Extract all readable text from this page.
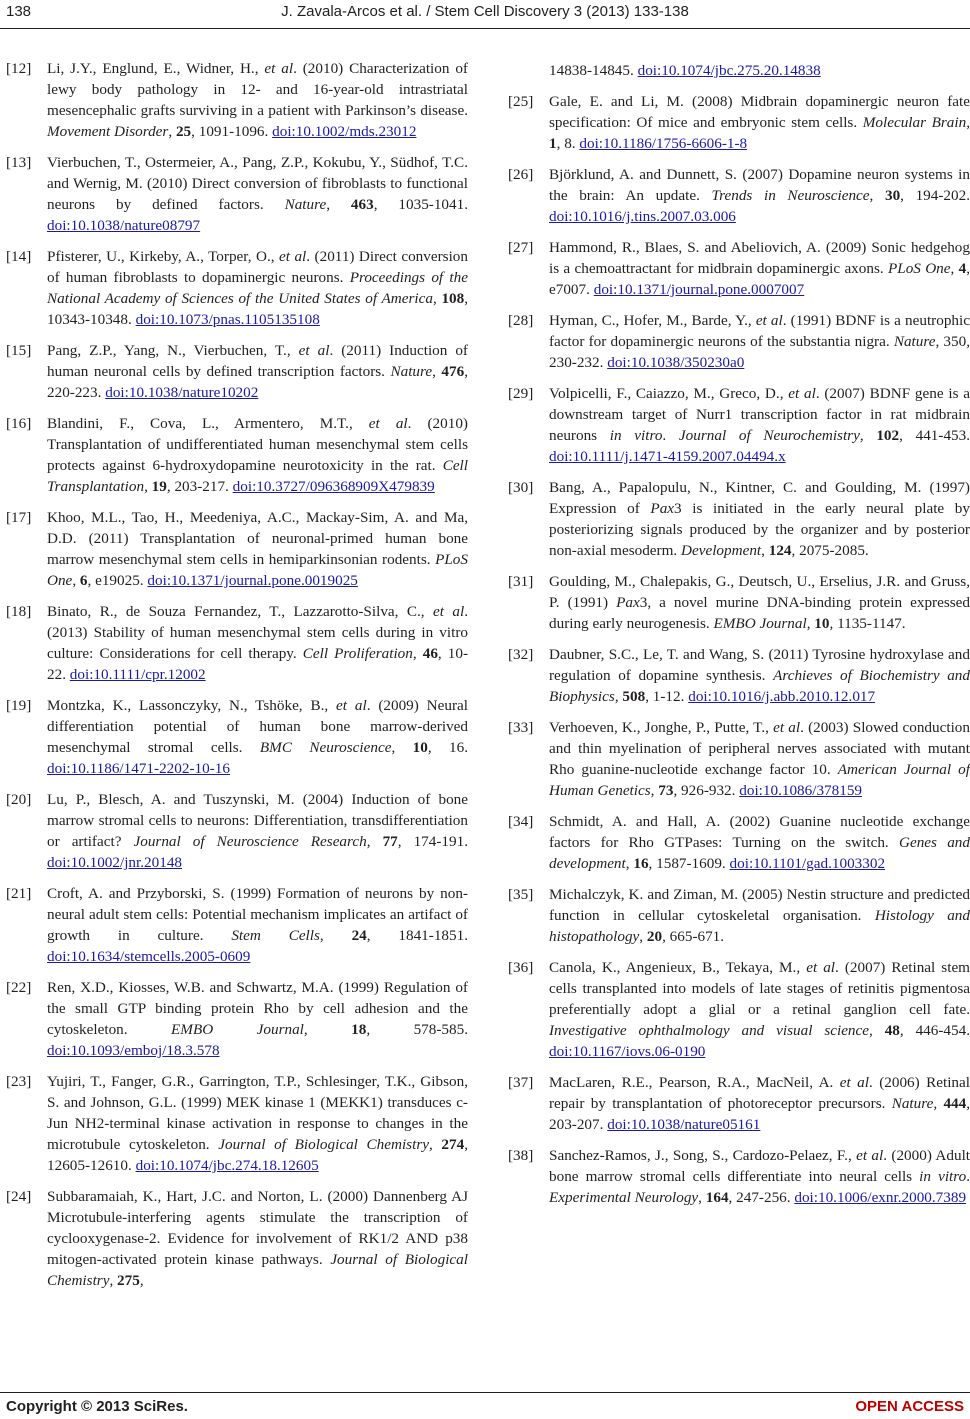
138	J. Zavala-Arcos et al. / Stem Cell Discovery 3 (2013) 133-138
[12] Li, J.Y., Englund, E., Widner, H., et al. (2010) Characterization of lewy body pathology in 12- and 16-year-old intrastriatal mesencephalic grafts surviving in a patient with Parkinson’s disease. Movement Disorder, 25, 1091-1096. doi:10.1002/mds.23012
[13] Vierbuchen, T., Ostermeier, A., Pang, Z.P., Kokubu, Y., Südhof, T.C. and Wernig, M. (2010) Direct conversion of fibroblasts to functional neurons by defined factors. Nature, 463, 1035-1041. doi:10.1038/nature08797
[14] Pfisterer, U., Kirkeby, A., Torper, O., et al. (2011) Direct conversion of human fibroblasts to dopaminergic neurons. Proceedings of the National Academy of Sciences of the United States of America, 108, 10343-10348. doi:10.1073/pnas.1105135108
[15] Pang, Z.P., Yang, N., Vierbuchen, T., et al. (2011) Induction of human neuronal cells by defined transcription factors. Nature, 476, 220-223. doi:10.1038/nature10202
[16] Blandini, F., Cova, L., Armentero, M.T., et al. (2010) Transplantation of undifferentiated human mesenchymal stem cells protects against 6-hydroxydopamine neurotoxicity in the rat. Cell Transplantation, 19, 203-217. doi:10.3727/096368909X479839
[17] Khoo, M.L., Tao, H., Meedeniya, A.C., Mackay-Sim, A. and Ma, D.D. (2011) Transplantation of neuronal-primed human bone marrow mesenchymal stem cells in hemiparkinsonian rodents. PLoS One, 6, e19025. doi:10.1371/journal.pone.0019025
[18] Binato, R., de Souza Fernandez, T., Lazzarotto-Silva, C., et al. (2013) Stability of human mesenchymal stem cells during in vitro culture: Considerations for cell therapy. Cell Proliferation, 46, 10-22. doi:10.1111/cpr.12002
[19] Montzka, K., Lassonczyky, N., Tshöke, B., et al. (2009) Neural differentiation potential of human bone marrow-derived mesenchymal stromal cells. BMC Neuroscience, 10, 16. doi:10.1186/1471-2202-10-16
[20] Lu, P., Blesch, A. and Tuszynski, M. (2004) Induction of bone marrow stromal cells to neurons: Differentiation, transdifferentiation or artifact? Journal of Neuroscience Research, 77, 174-191. doi:10.1002/jnr.20148
[21] Croft, A. and Przyborski, S. (1999) Formation of neurons by non-neural adult stem cells: Potential mechanism implicates an artifact of growth in culture. Stem Cells, 24, 1841-1851. doi:10.1634/stemcells.2005-0609
[22] Ren, X.D., Kiosses, W.B. and Schwartz, M.A. (1999) Regulation of the small GTP binding protein Rho by cell adhesion and the cytoskeleton. EMBO Journal, 18, 578-585. doi:10.1093/emboj/18.3.578
[23] Yujiri, T., Fanger, G.R., Garrington, T.P., Schlesinger, T.K., Gibson, S. and Johnson, G.L. (1999) MEK kinase 1 (MEKK1) transduces c-Jun NH2-terminal kinase activation in response to changes in the microtubule cytoskeleton. Journal of Biological Chemistry, 274, 12605-12610. doi:10.1074/jbc.274.18.12605
[24] Subbaramaiah, K., Hart, J.C. and Norton, L. (2000) Dannenberg AJ Microtubule-interfering agents stimulate the transcription of cyclooxygenase-2. Evidence for involvement of RK1/2 AND p38 mitogen-activated protein kinase pathways. Journal of Biological Chemistry, 275,
14838-14845. doi:10.1074/jbc.275.20.14838
[25] Gale, E. and Li, M. (2008) Midbrain dopaminergic neuron fate specification: Of mice and embryonic stem cells. Molecular Brain, 1, 8. doi:10.1186/1756-6606-1-8
[26] Björklund, A. and Dunnett, S. (2007) Dopamine neuron systems in the brain: An update. Trends in Neuroscience, 30, 194-202. doi:10.1016/j.tins.2007.03.006
[27] Hammond, R., Blaes, S. and Abeliovich, A. (2009) Sonic hedgehog is a chemoattractant for midbrain dopaminergic axons. PLoS One, 4, e7007. doi:10.1371/journal.pone.0007007
[28] Hyman, C., Hofer, M., Barde, Y., et al. (1991) BDNF is a neutrophic factor for dopaminergic neurons of the substantia nigra. Nature, 350, 230-232. doi:10.1038/350230a0
[29] Volpicelli, F., Caiazzo, M., Greco, D., et al. (2007) BDNF gene is a downstream target of Nurr1 transcription factor in rat midbrain neurons in vitro. Journal of Neurochemistry, 102, 441-453. doi:10.1111/j.1471-4159.2007.04494.x
[30] Bang, A., Papalopulu, N., Kintner, C. and Goulding, M. (1997) Expression of Pax3 is initiated in the early neural plate by posteriorizing signals produced by the organizer and by posterior non-axial mesoderm. Development, 124, 2075-2085.
[31] Goulding, M., Chalepakis, G., Deutsch, U., Erselius, J.R. and Gruss, P. (1991) Pax3, a novel murine DNA-binding protein expressed during early neurogenesis. EMBO Journal, 10, 1135-1147.
[32] Daubner, S.C., Le, T. and Wang, S. (2011) Tyrosine hydroxylase and regulation of dopamine synthesis. Archieves of Biochemistry and Biophysics, 508, 1-12. doi:10.1016/j.abb.2010.12.017
[33] Verhoeven, K., Jonghe, P., Putte, T., et al. (2003) Slowed conduction and thin myelination of peripheral nerves associated with mutant Rho guanine-nucleotide exchange factor 10. American Journal of Human Genetics, 73, 926-932. doi:10.1086/378159
[34] Schmidt, A. and Hall, A. (2002) Guanine nucleotide exchange factors for Rho GTPases: Turning on the switch. Genes and development, 16, 1587-1609. doi:10.1101/gad.1003302
[35] Michalczyk, K. and Ziman, M. (2005) Nestin structure and predicted function in cellular cytoskeletal organisation. Histology and histopathology, 20, 665-671.
[36] Canola, K., Angenieux, B., Tekaya, M., et al. (2007) Retinal stem cells transplanted into models of late stages of retinitis pigmentosa preferentially adopt a glial or a retinal ganglion cell fate. Investigative ophthalmology and visual science, 48, 446-454. doi:10.1167/iovs.06-0190
[37] MacLaren, R.E., Pearson, R.A., MacNeil, A. et al. (2006) Retinal repair by transplantation of photoreceptor precursors. Nature, 444, 203-207. doi:10.1038/nature05161
[38] Sanchez-Ramos, J., Song, S., Cardozo-Pelaez, F., et al. (2000) Adult bone marrow stromal cells differentiate into neural cells in vitro. Experimental Neurology, 164, 247-256. doi:10.1006/exnr.2000.7389
Copyright © 2013 SciRes.	OPEN ACCESS
